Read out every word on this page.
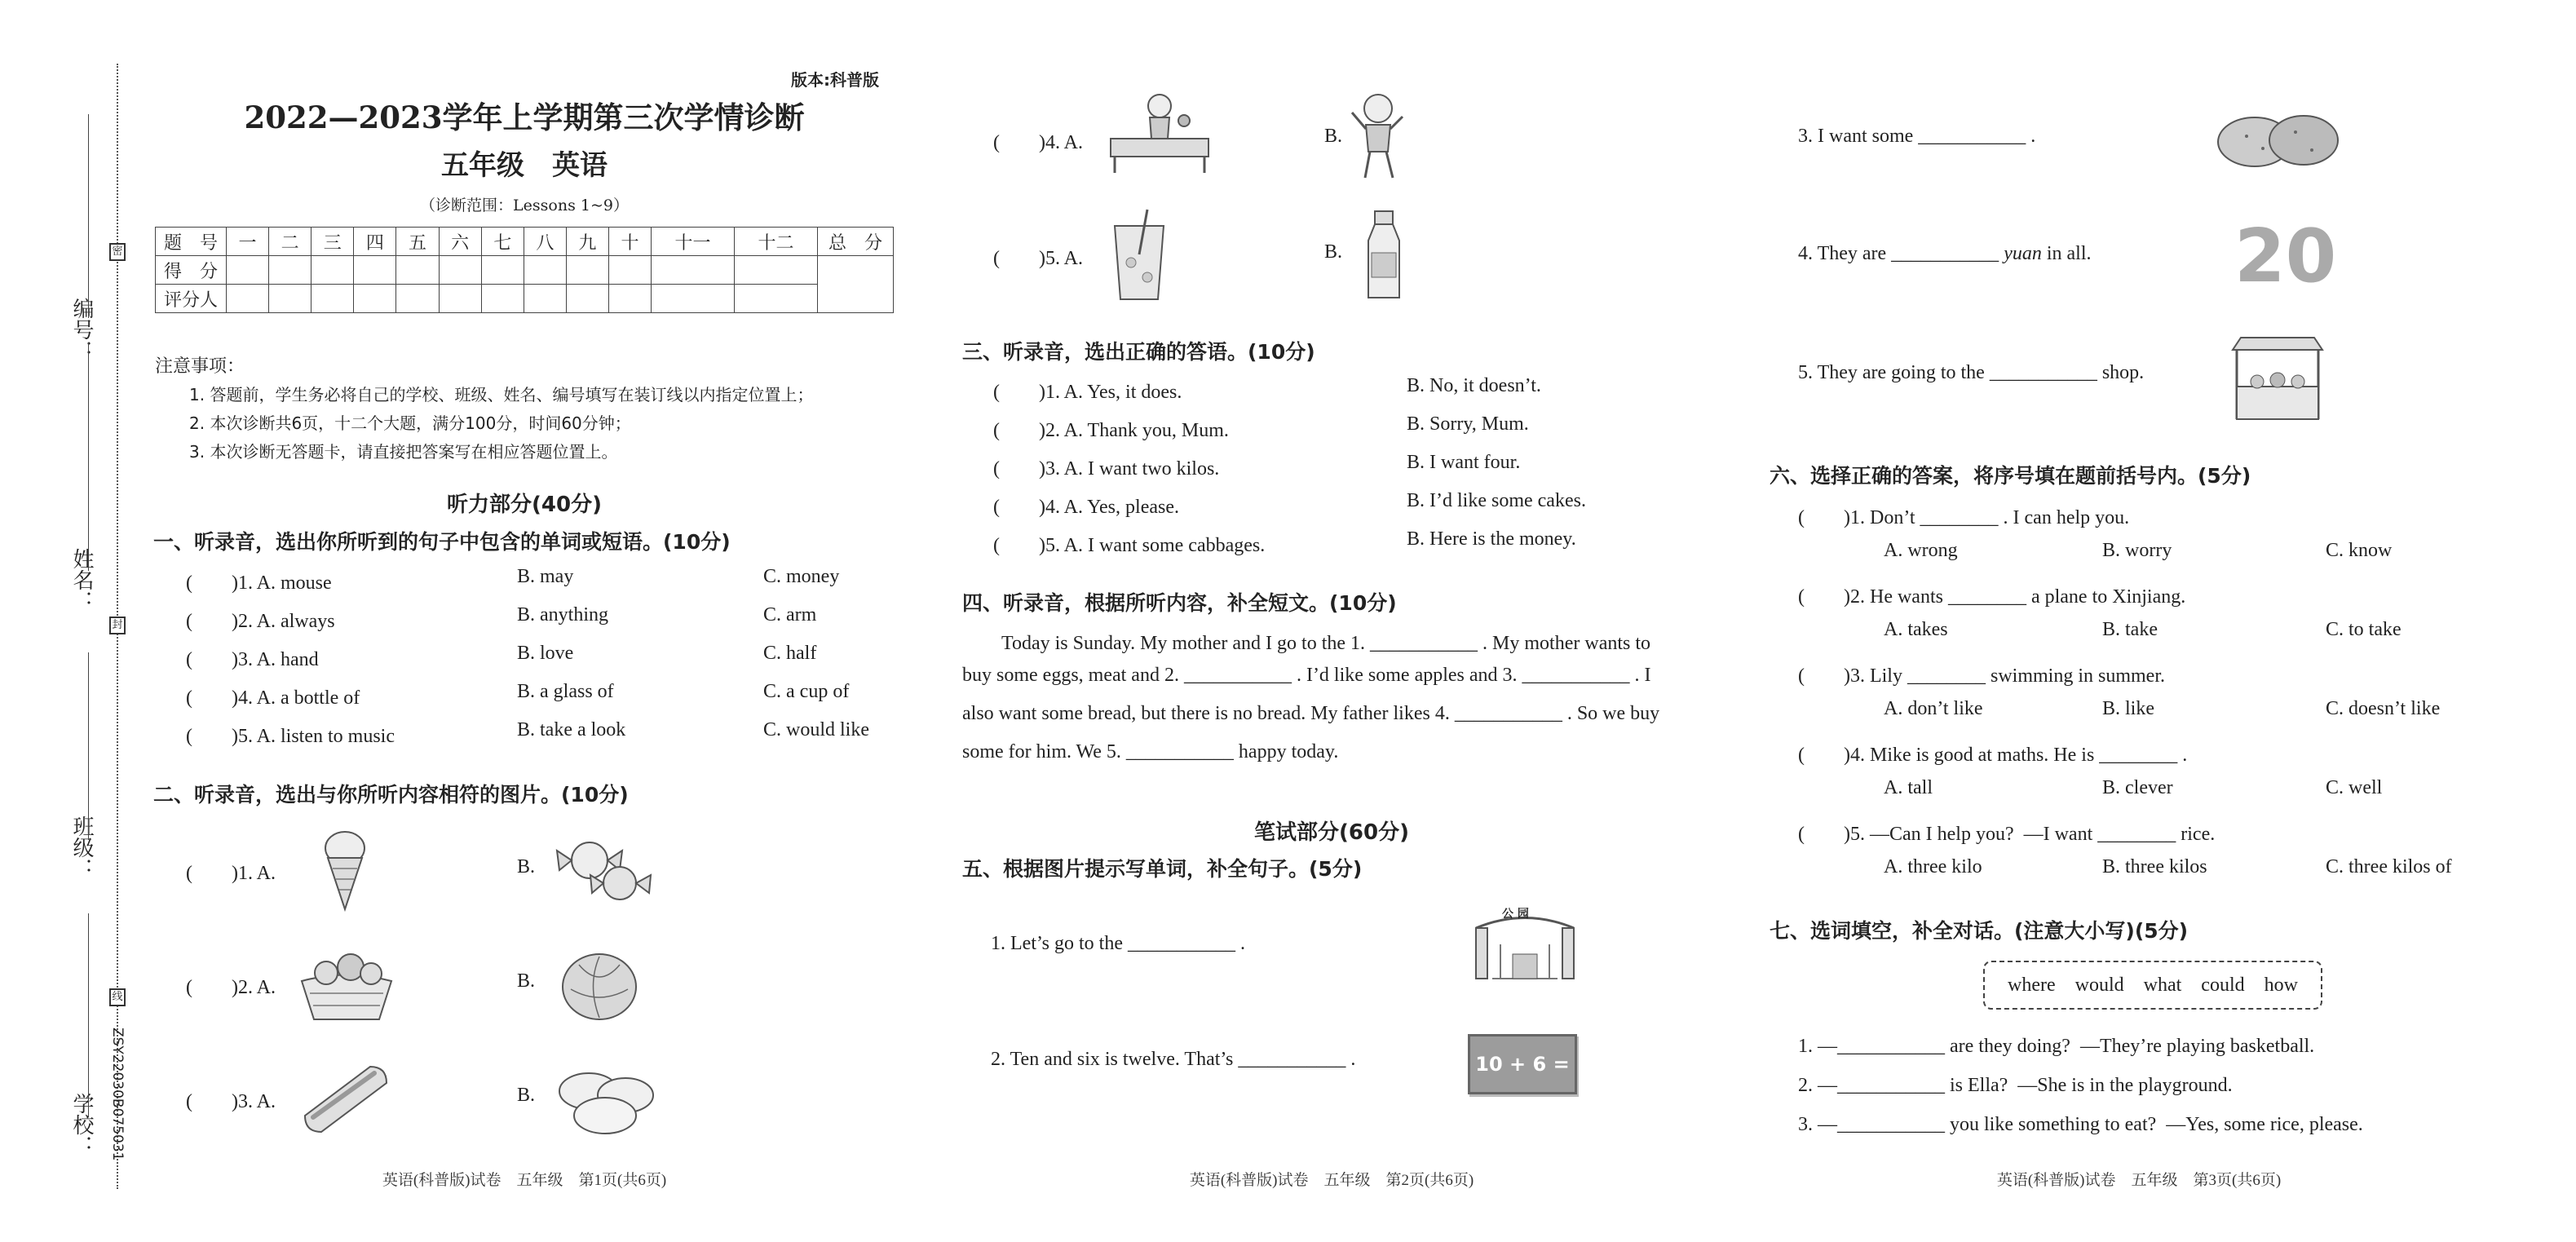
密
封
线
编号：
姓名：
班级：
学校： ZSY22030B075031
版本:科普版
2022—2023学年上学期第三次学情诊断
五年级　英语
（诊断范围：Lessons 1~9）
题　号	一	二	三	四	五	六	七	八	九	十	十一	十二	总　分
得　分													
评分人													
注意事项：
1. 答题前，学生务必将自己的学校、班级、姓名、编号填写在装订线以内指定位置上；
2. 本次诊断共6页，十二个大题，满分100分，时间60分钟；
3. 本次诊断无答题卡，请直接把答案写在相应答题位置上。
听力部分(40分)
一、听录音，选出你所听到的句子中包含的单词或短语。(10分)
(　　)1. A. mouse	B. may	C. money
(　　)2. A. always	B. anything	C. arm
(　　)3. A. hand	B. love	C. half
(　　)4. A. a bottle of	B. a glass of	C. a cup of
(　　)5. A. listen to music	B. take a look	C. would like
二、听录音，选出与你所听内容相符的图片。(10分)
(　　)1. A.	B.
(　　)2. A.	B.
(　　)3. A.	B.
英语(科普版)试卷　五年级　第1页(共6页)
(　　)4. A.	B.
(　　)5. A.	B.
三、听录音，选出正确的答语。(10分)
(　　)1. A. Yes, it does.	B. No, it doesn’t.
(　　)2. A. Thank you, Mum.	B. Sorry, Mum.
(　　)3. A. I want two kilos.	B. I want four.
(　　)4. A. Yes, please.	B. I’d like some cakes.
(　　)5. A. I want some cabbages.	B. Here is the money.
四、听录音，根据所听内容，补全短文。(10分)
　　Today is Sunday. My mother and I go to the 1. ___________ . My mother wants to
buy some eggs, meat and 2. ___________ . I’d like some apples and 3. ___________ . I
also want some bread, but there is no bread. My father likes 4. ___________ . So we buy
some for him. We 5. ___________ happy today.
笔试部分(60分)
五、根据图片提示写单词，补全句子。(5分)
1. Let’s go to the ___________ .
公 园
2. Ten and six is twelve. That’s ___________ .	10 + 6 = ?
英语(科普版)试卷　五年级　第2页(共6页)
3. I want some ___________ .
4. They are ___________ yuan in all. 20
5. They are going to the ___________ shop.
六、选择正确的答案，将序号填在题前括号内。(5分)
(　　)1. Don’t ________ . I can help you.
A. wrong	B. worry	C. know
(　　)2. He wants ________ a plane to Xinjiang.
A. takes	B. take	C. to take
(　　)3. Lily ________ swimming in summer.
A. don’t like	B. like	C. doesn’t like
(　　)4. Mike is good at maths. He is ________ .
A. tall	B. clever	C. well
(　　)5. —Can I help you?  —I want ________ rice.
A. three kilo	B. three kilos	C. three kilos of
七、选词填空，补全对话。(注意大小写)(5分)
where　would　what　could　how
1. —___________ are they doing?  —They’re playing basketball.
2. —___________ is Ella?  —She is in the playground.
3. —___________ you like something to eat?  —Yes, some rice, please.
英语(科普版)试卷　五年级　第3页(共6页)
